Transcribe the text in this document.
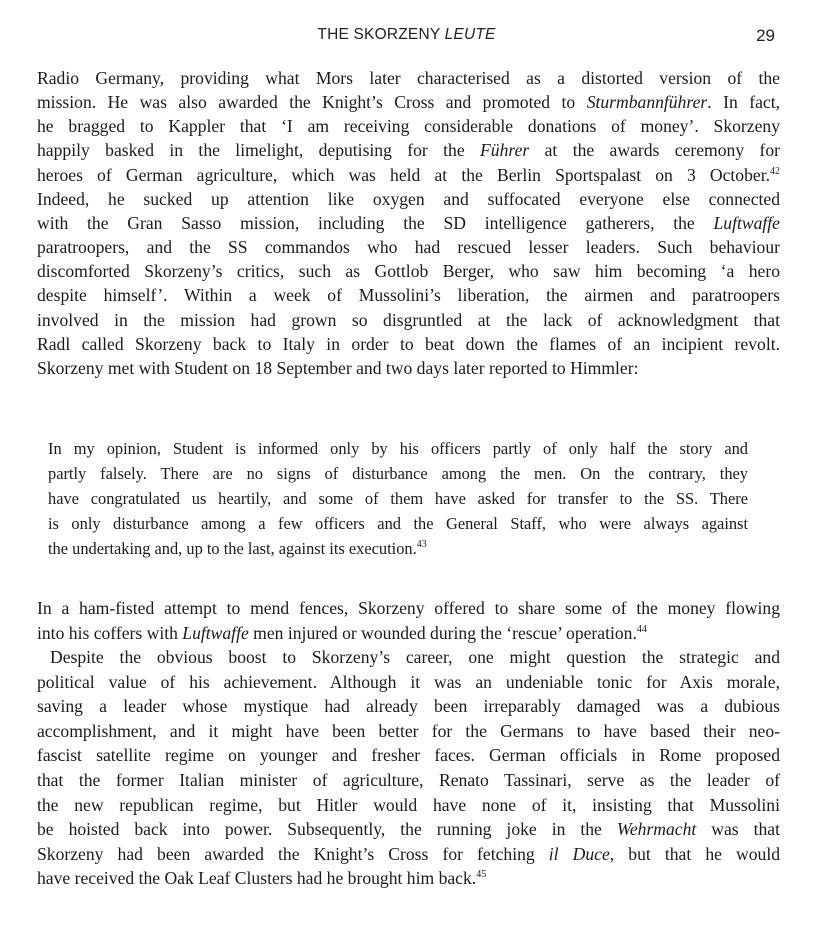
THE SKORZENY LEUTE	29
Radio Germany, providing what Mors later characterised as a distorted version of the
mission. He was also awarded the Knight’s Cross and promoted to Sturmbannführer. In fact,
he bragged to Kappler that ‘I am receiving considerable donations of money’. Skorzeny
happily basked in the limelight, deputising for the Führer at the awards ceremony for
heroes of German agriculture, which was held at the Berlin Sportspalast on 3 October.$^{42}$
Indeed, he sucked up attention like oxygen and suffocated everyone else connected
with the Gran Sasso mission, including the SD intelligence gatherers, the Luftwaffe
paratroopers, and the SS commandos who had rescued lesser leaders. Such behaviour
discomforted Skorzeny’s critics, such as Gottlob Berger, who saw him becoming ‘a hero
despite himself’. Within a week of Mussolini’s liberation, the airmen and paratroopers
involved in the mission had grown so disgruntled at the lack of acknowledgment that
Radl called Skorzeny back to Italy in order to beat down the flames of an incipient revolt.
Skorzeny met with Student on 18 September and two days later reported to Himmler:
In my opinion, Student is informed only by his officers partly of only half the story and
partly falsely. There are no signs of disturbance among the men. On the contrary, they
have congratulated us heartily, and some of them have asked for transfer to the SS. There
is only disturbance among a few officers and the General Staff, who were always against
the undertaking and, up to the last, against its execution.$^{43}$
In a ham-fisted attempt to mend fences, Skorzeny offered to share some of the money flowing
into his coffers with Luftwaffe men injured or wounded during the ‘rescue’ operation.$^{44}$
Despite the obvious boost to Skorzeny’s career, one might question the strategic and
political value of his achievement. Although it was an undeniable tonic for Axis morale,
saving a leader whose mystique had already been irreparably damaged was a dubious
accomplishment, and it might have been better for the Germans to have based their neo-
fascist satellite regime on younger and fresher faces. German officials in Rome proposed
that the former Italian minister of agriculture, Renato Tassinari, serve as the leader of
the new republican regime, but Hitler would have none of it, insisting that Mussolini
be hoisted back into power. Subsequently, the running joke in the Wehrmacht was that
Skorzeny had been awarded the Knight’s Cross for fetching il Duce, but that he would
have received the Oak Leaf Clusters had he brought him back.$^{45}$
